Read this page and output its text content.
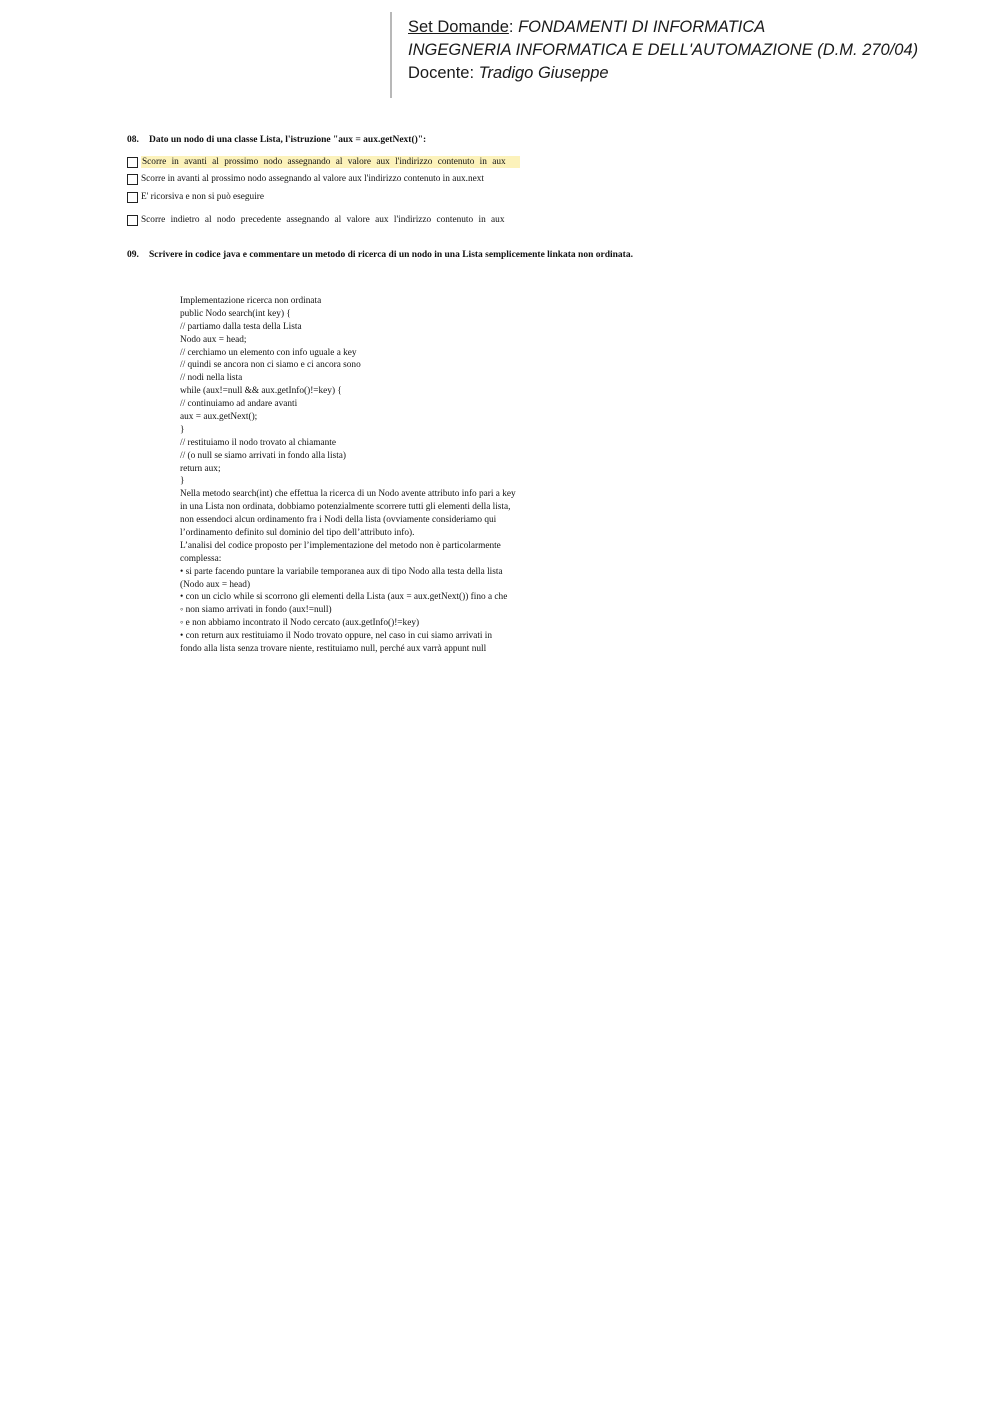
Set Domande: FONDAMENTI DI INFORMATICA
INGEGNERIA INFORMATICA E DELL'AUTOMAZIONE (D.M. 270/04)
Docente: Tradigo Giuseppe
08. Dato un nodo di una classe Lista, l'istruzione "aux = aux.getNext()":
Scorre in avanti al prossimo nodo assegnando al valore aux l'indirizzo contenuto in aux
Scorre in avanti al prossimo nodo assegnando al valore aux l'indirizzo contenuto in aux.next
E' ricorsiva e non si può eseguire
Scorre indietro al nodo precedente assegnando al valore aux l'indirizzo contenuto in aux
09. Scrivere in codice java e commentare un metodo di ricerca di un nodo in una Lista semplicemente linkata non ordinata.
Implementazione ricerca non ordinata
public Nodo search(int key) {
// partiamo dalla testa della Lista
Nodo aux = head;
// cerchiamo un elemento con info uguale a key
// quindi se ancora non ci siamo e ci ancora sono
// nodi nella lista
while (aux!=null && aux.getInfo()!=key) {
// continuiamo ad andare avanti
aux = aux.getNext();
}
// restituiamo il nodo trovato al chiamante
// (o null se siamo arrivati in fondo alla lista)
return aux;
}
Nella metodo search(int) che effettua la ricerca di un Nodo avente attributo info pari a key
in una Lista non ordinata, dobbiamo potenzialmente scorrere tutti gli elementi della lista,
non essendoci alcun ordinamento fra i Nodi della lista (ovviamente consideriamo qui
l’ordinamento definito sul dominio del tipo dell’attributo info).
L’analisi del codice proposto per l’implementazione del metodo non è particolarmente
complessa:
• si parte facendo puntare la variabile temporanea aux di tipo Nodo alla testa della lista
(Nodo aux = head)
• con un ciclo while si scorrono gli elementi della Lista (aux = aux.getNext()) fino a che
◦ non siamo arrivati in fondo (aux!=null)
◦ e non abbiamo incontrato il Nodo cercato (aux.getInfo()!=key)
• con return aux restituiamo il Nodo trovato oppure, nel caso in cui siamo arrivati in
fondo alla lista senza trovare niente, restituiamo null, perché aux varrà appunt null
